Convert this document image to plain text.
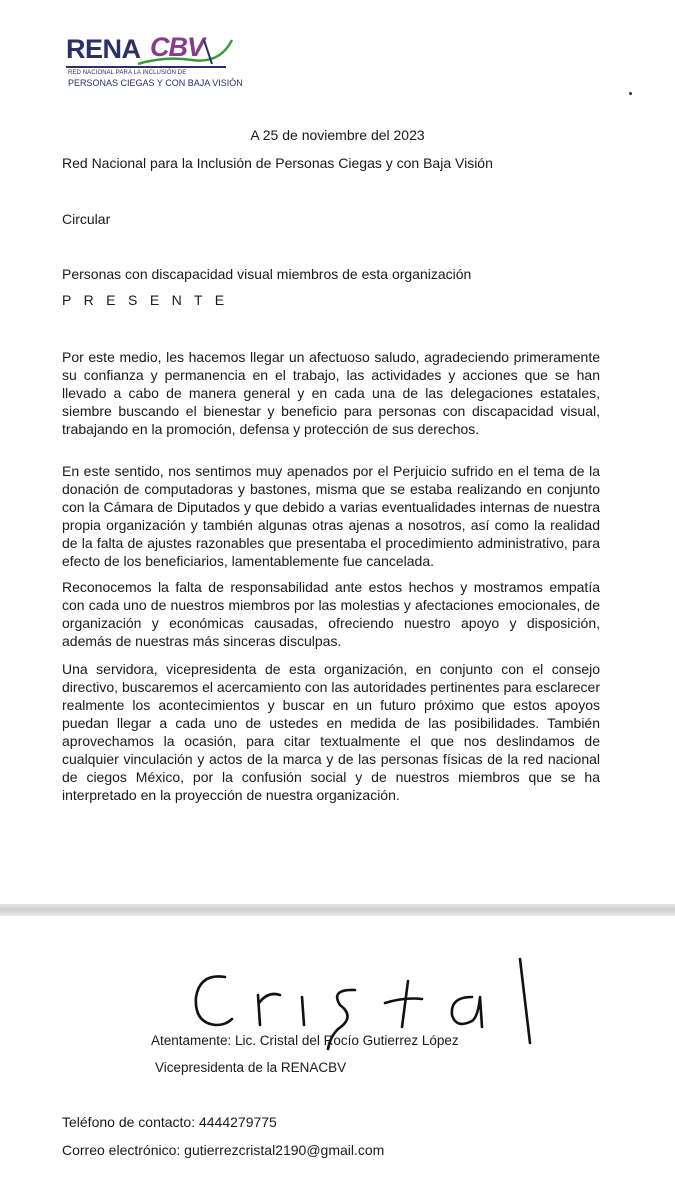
RENA CBV
RED NACIONAL PARA LA INCLUSIÓN DE
PERSONAS CIEGAS Y CON BAJA VISIÓN
A 25 de noviembre del 2023
Red Nacional para la Inclusión de Personas Ciegas y con Baja Visión
Circular
Personas con discapacidad visual miembros de esta organización
P R E S E N T E

Por este medio, les hacemos llegar un afectuoso saludo, agradeciendo primeramente su confianza y permanencia en el trabajo, las actividades y acciones que se han llevado a cabo de manera general y en cada una de las delegaciones estatales, siembre buscando el bienestar y beneficio para personas con discapacidad visual, trabajando en la promoción, defensa y protección de sus derechos.

En este sentido, nos sentimos muy apenados por el Perjuicio sufrido en el tema de la donación de computadoras y bastones, misma que se estaba realizando en conjunto con la Cámara de Diputados y que debido a varias eventualidades internas de nuestra propia organización y también algunas otras ajenas a nosotros, así como la realidad de la falta de ajustes razonables que presentaba el procedimiento administrativo, para efecto de los beneficiarios, lamentablemente fue cancelada.

Reconocemos la falta de responsabilidad ante estos hechos y mostramos empatía con cada uno de nuestros miembros por las molestias y afectaciones emocionales, de organización y económicas causadas, ofreciendo nuestro apoyo y disposición, además de nuestras más sinceras disculpas.

Una servidora, vicepresidenta de esta organización, en conjunto con el consejo directivo, buscaremos el acercamiento con las autoridades pertinentes para esclarecer realmente los acontecimientos y buscar en un futuro próximo que estos apoyos puedan llegar a cada uno de ustedes en medida de las posibilidades. También aprovechamos la ocasión, para citar textualmente el que nos deslindamos de cualquier vinculación y actos de la marca y de las personas físicas de la red nacional de ciegos México, por la confusión social y de nuestros miembros que se ha interpretado en la proyección de nuestra organización.

Atentamente: Lic. Cristal del Rocío Gutierrez López
Vicepresidenta de la RENACBV
Teléfono de contacto: 4444279775
Correo electrónico: gutierrezcristal2190@gmail.com
